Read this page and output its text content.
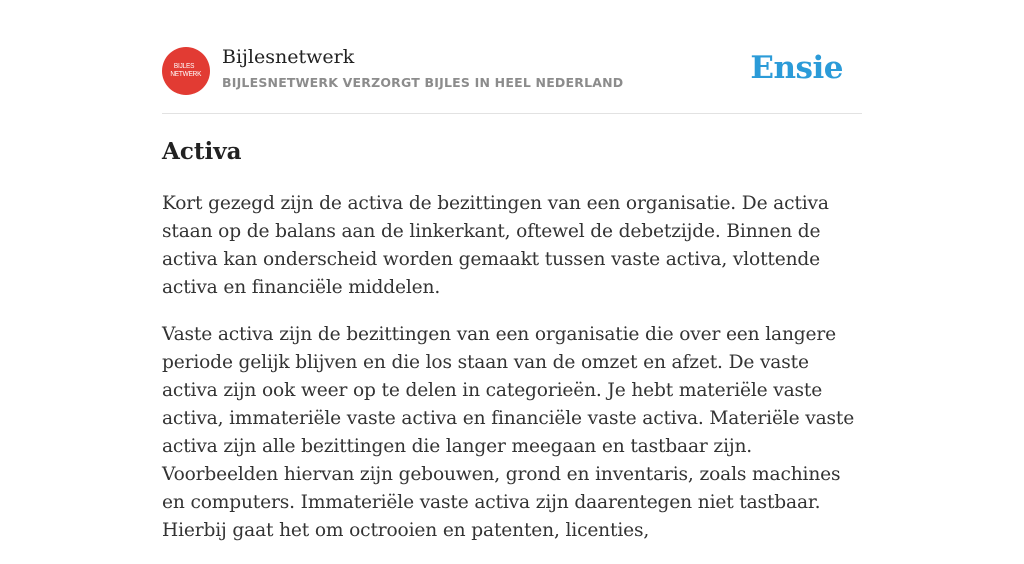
BIJLES
NETWERK
Bijlesnetwerk
BIJLESNETWERK VERZORGT BIJLES IN HEEL NEDERLAND	Ensie
Activa

Kort gezegd zijn de activa de bezittingen van een organisatie. De activa staan op de balans aan de linkerkant, oftewel de debetzijde. Binnen de activa kan onderscheid worden gemaakt tussen vaste activa, vlottende activa en financiële middelen.

Vaste activa zijn de bezittingen van een organisatie die over een langere periode gelijk blijven en die los staan van de omzet en afzet. De vaste activa zijn ook weer op te delen in categorieën. Je hebt materiële vaste activa, immateriële vaste activa en financiële vaste activa. Materiële vaste activa zijn alle bezittingen die langer meegaan en tastbaar zijn. Voorbeelden hiervan zijn gebouwen, grond en inventaris, zoals machines en computers. Immateriële vaste activa zijn daarentegen niet tastbaar. Hierbij gaat het om octrooien en patenten, licenties,
